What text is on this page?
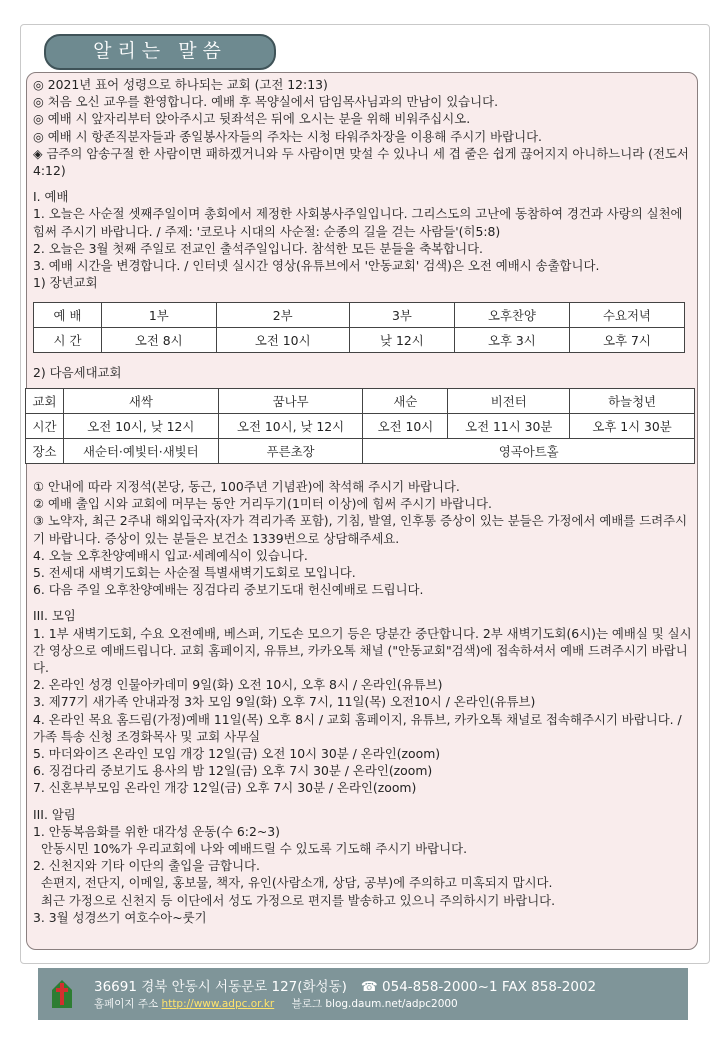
알리는 말씀

◎ 2021년 표어 성령으로 하나되는 교회 (고전 12:13)

◎ 처음 오신 교우를 환영합니다. 예배 후 목양실에서 담임목사님과의 만남이 있습니다.

◎ 예배 시 앞자리부터 앉아주시고 뒷좌석은 뒤에 오시는 분을 위해 비워주십시오.

◎ 예배 시 항존직분자들과 종일봉사자들의 주차는 시청 타워주차장을 이용해 주시기 바랍니다.

◈ 금주의 암송구절 한 사람이면 패하겠거니와 두 사람이면 맞설 수 있나니 세 겹 줄은 쉽게 끊어지지 아니하느니라 (전도서 4:12)

I. 예배

1. 오늘은 사순절 셋째주일이며 총회에서 제정한 사회봉사주일입니다. 그리스도의 고난에 동참하여 경건과 사랑의 실천에 힘써 주시기 바랍니다. / 주제: '코로나 시대의 사순절: 순종의 길을 걷는 사람들'(히5:8)

2. 오늘은 3월 첫째 주일로 전교인 출석주일입니다. 참석한 모든 분들을 축복합니다.

3. 예배 시간을 변경합니다. / 인터넷 실시간 영상(유튜브에서 '안동교회' 검색)은 오전 예배시 송출합니다.

1) 장년교회

예 배	1부	2부	3부	오후찬양	수요저녁
시 간	오전 8시	오전 10시	낮 12시	오후 3시	오후 7시

2) 다음세대교회

교회	새싹	꿈나무	새순	비전터	하늘청년
시간	오전 10시, 낮 12시	오전 10시, 낮 12시	오전 10시	오전 11시 30분	오후 1시 30분
장소	새순터·예빛터·새빛터	푸른초장	영곡아트홀		

① 안내에 따라 지정석(본당, 동근, 100주년 기념관)에 착석해 주시기 바랍니다.

② 예배 출입 시와 교회에 머무는 동안 거리두기(1미터 이상)에 힘써 주시기 바랍니다.

③ 노약자, 최근 2주내 해외입국자(자가 격리가족 포함), 기침, 발열, 인후통 증상이 있는 분들은 가정에서 예배를 드려주시기 바랍니다. 증상이 있는 분들은 보건소 1339번으로 상담해주세요.

4. 오늘 오후찬양예배시 입교·세례예식이 있습니다.

5. 전세대 새벽기도회는 사순절 특별새벽기도회로 모입니다.

6. 다음 주일 오후찬양예배는 징검다리 중보기도대 헌신예배로 드립니다.

III. 모임

1. 1부 새벽기도회, 수요 오전예배, 베스퍼, 기도손 모으기 등은 당분간 중단합니다. 2부 새벽기도회(6시)는 예배실 및 실시간 영상으로 예배드립니다. 교회 홈페이지, 유튜브, 카카오톡 채널 ("안동교회"검색)에 접속하셔서 예배 드려주시기 바랍니다.

2. 온라인 성경 인물아카데미 9일(화) 오전 10시, 오후 8시 / 온라인(유튜브)

3. 제77기 새가족 안내과정 3차 모임 9일(화) 오후 7시, 11일(목) 오전10시 / 온라인(유튜브)

4. 온라인 목요 홈드림(가정)예배 11일(목) 오후 8시 / 교회 홈페이지, 유튜브, 카카오톡 채널로 접속해주시기 바랍니다. / 가족 특송 신청 조경화목사 및 교회 사무실

5. 마더와이즈 온라인 모임 개강 12일(금) 오전 10시 30분 / 온라인(zoom)

6. 징검다리 중보기도 용사의 밤 12일(금) 오후 7시 30분 / 온라인(zoom)

7. 신혼부부모임 온라인 개강 12일(금) 오후 7시 30분 / 온라인(zoom)

III. 알림

1. 안동복음화를 위한 대각성 운동(수 6:2~3)

안동시민 10%가 우리교회에 나와 예배드릴 수 있도록 기도해 주시기 바랍니다.

2. 신천지와 기타 이단의 출입을 금합니다.

손편지, 전단지, 이메일, 홍보물, 책자, 유인(사람소개, 상담, 공부)에 주의하고 미혹되지 맙시다.

최근 가정으로 신천지 등 이단에서 성도 가정으로 편지를 발송하고 있으니 주의하시기 바랍니다.

3. 3월 성경쓰기 여호수아~룻기

36691 경북 안동시 서동문로 127(화성동) ☎ 054-858-2000~1 FAX 858-2002
홈페이지 주소 http://www.adpc.or.kr 블로그 blog.daum.net/adpc2000
